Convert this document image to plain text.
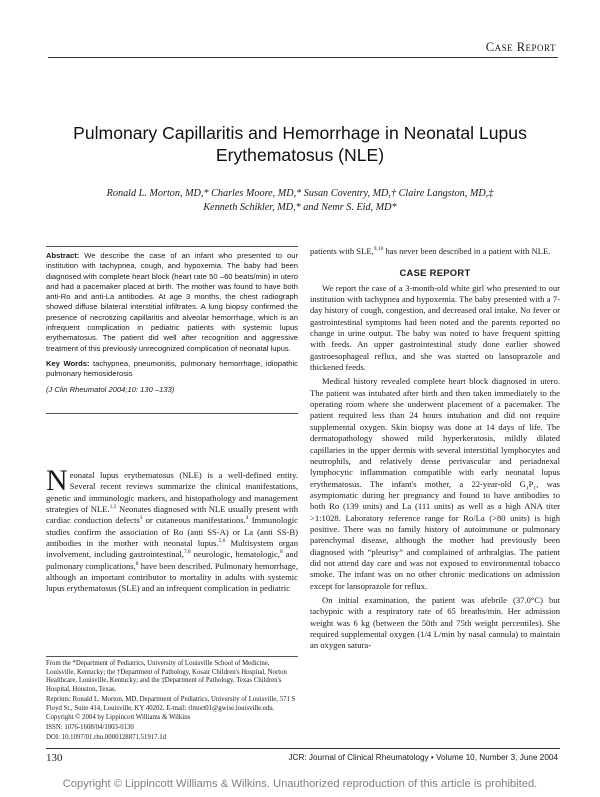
Case Report
Pulmonary Capillaritis and Hemorrhage in Neonatal Lupus Erythematosus (NLE)
Ronald L. Morton, MD,* Charles Moore, MD,* Susan Coventry, MD,† Claire Langston, MD,‡
Kenneth Schikler, MD,* and Nemr S. Eid, MD*

Abstract: We describe the case of an infant who presented to our institution with tachypnea, cough, and hypoxemia. The baby had been diagnosed with complete heart block (heart rate 50 –60 beats/min) in utero and had a pacemaker placed at birth. The mother was found to have both anti-Ro and anti-La antibodies. At age 3 months, the chest radiograph showed diffuse bilateral interstitial infiltrates. A lung biopsy confirmed the presence of necrotizing capillaritis and alveolar hemorrhage, which is an infrequent complication in pediatric patients with systemic lupus erythematosus. The patient did well after recognition and aggressive treatment of this previously unrecognized complication of neonatal lupus.

Key Words: tachypnea, pneumonitis, pulmonary hemorrhage, idiopathic pulmonary hemosiderosis

(J Clin Rheumatol 2004;10: 130 –133)

Neonatal lupus erythematosus (NLE) is a well-defined entity. Several recent reviews summarize the clinical manifestations, genetic and immunologic markers, and histopathology and management strategies of NLE.$^{1,2}$ Neonates diagnosed with NLE usually present with cardiac conduction defects$^3$ or cutaneous manifestations.$^4$ Immunologic studies confirm the association of Ro (anti SS-A) or La (anti SS-B) antibodies in the mother with neonatal lupus.$^{5,6}$ Multisystem organ involvement, including gastrointestinal,$^{7,8}$ neurologic, hematologic,$^8$ and pulmonary complications,$^8$ have been described. Pulmonary hemorrhage, although an important contributor to mortality in adults with systemic lupus erythematosus (SLE) and an infrequent complication in pediatric

From the *Department of Pediatrics, University of Louisville School of Medicine, Louisville, Kentucky; the †Department of Pathology, Kosair Children's Hospital, Norton Healthcare, Louisville, Kentucky; and the ‡Department of Pathology, Texas Children's Hospital, Houston, Texas.

Reprints: Ronald L. Morton, MD, Department of Pediatrics, University of Louisville, 571 S Floyd St., Suite 414, Louisville, KY 40202. E-mail: rlmort01@gwise.louisville.edu.

Copyright © 2004 by Lippincott Williams & Wilkins

ISSN: 1076-1608/04/1003-0130

DOI: 10.1097/01.rhu.0000128871.51917.1d

patients with SLE,$^{9,10}$ has never been described in a patient with NLE.

CASE REPORT

We report the case of a 3-month-old white girl who presented to our institution with tachypnea and hypoxemia. The baby presented with a 7-day history of cough, congestion, and decreased oral intake. No fever or gastrointestinal symptoms had been noted and the parents reported no change in urine output. The baby was noted to have frequent spitting with feeds. An upper gastrointestinal study done earlier showed gastroesophageal reflux, and she was started on lansoprazole and thickened feeds.

Medical history revealed complete heart block diagnosed in utero. The patient was intubated after birth and then taken immediately to the operating room where she underwent placement of a pacemaker. The patient required less than 24 hours intubation and did not require supplemental oxygen. Skin biopsy was done at 14 days of life. The dermatopathology showed mild hyperkeratosis, mildly dilated capillaries in the upper dermis with several interstitial lymphocytes and neutrophils, and relatively dense perivascular and periadnexal lymphocytic inflammation compatible with early neonatal lupus erythematosus. The infant's mother, a 22-year-old $G_1P_1$, was asymptomatic during her pregnancy and found to have antibodies to both Ro (139 units) and La (111 units) as well as a high ANA titer >1:1028. Laboratory reference range for Ro/La (>80 units) is high positive. There was no family history of autoimmune or pulmonary parenchymal disease, although the mother had previously been diagnosed with “pleurisy” and complained of arthralgias. The patient did not attend day care and was not exposed to environmental tobacco smoke. The infant was on no other chronic medications on admission except for lansoprazole for reflux.

On initial examination, the patient was afebrile (37.0°C) but tachypnic with a respiratory rate of 65 breaths/min. Her admission weight was 6 kg (between the 50th and 75th weight percentiles). She required supplemental oxygen (1/4 L/min by nasal cannula) to maintain an oxygen satura-

130	JCR: Journal of Clinical Rheumatology • Volume 10, Number 3, June 2004
Copyright © Lippincott Williams & Wilkins. Unauthorized reproduction of this article is prohibited.
